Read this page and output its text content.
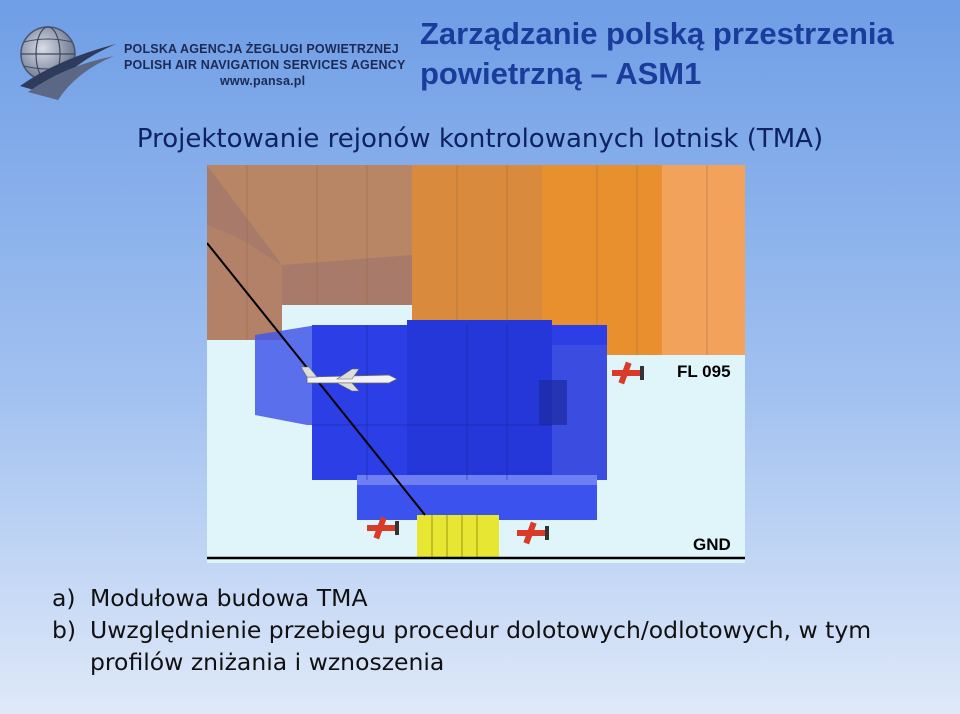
POLSKA AGENCJA ŻEGLUGI POWIETRZNEJ
POLISH AIR NAVIGATION SERVICES AGENCY
www.pansa.pl
Zarządzanie polską przestrzenia powietrzną – ASM1
Projektowanie rejonów kontrolowanych lotnisk (TMA)
FL 095
GND
a) Modułowa budowa TMA
b) Uwzględnienie przebiegu procedur dolotowych/odlotowych, w tym profilów zniżania i wznoszenia
